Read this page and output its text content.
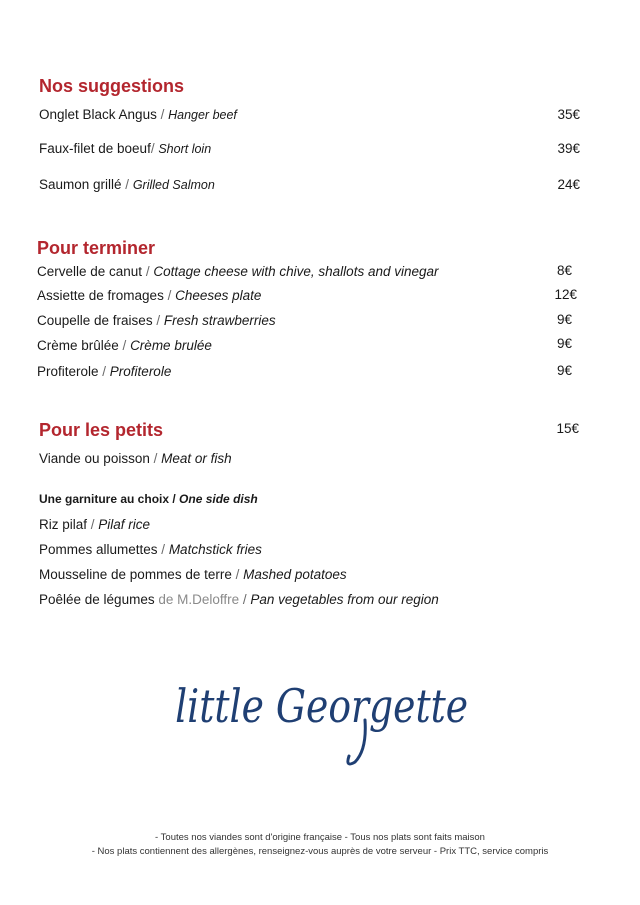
Nos suggestions
Onglet Black Angus / Hanger beef	35€
Faux-filet de boeuf/ Short loin	39€
Saumon grillé / Grilled Salmon	24€
Pour terminer
Cervelle de canut / Cottage cheese with chive, shallots and vinegar	8€
Assiette de fromages / Cheeses plate	12€
Coupelle de fraises / Fresh strawberries	9€
Crème brûlée / Crème brulée	9€
Profiterole / Profiterole	9€
Pour les petits	15€
Viande ou poisson / Meat or fish
Une garniture au choix / One side dish
Riz pilaf / Pilaf rice
Pommes allumettes / Matchstick fries
Mousseline de pommes de terre / Mashed potatoes
Poêlée de légumes de M.Deloffre / Pan vegetables from our region
little Georgette
- Toutes nos viandes sont d'origine française - Tous nos plats sont faits maison
- Nos plats contiennent des allergènes, renseignez-vous auprès de votre serveur - Prix TTC, service compris
